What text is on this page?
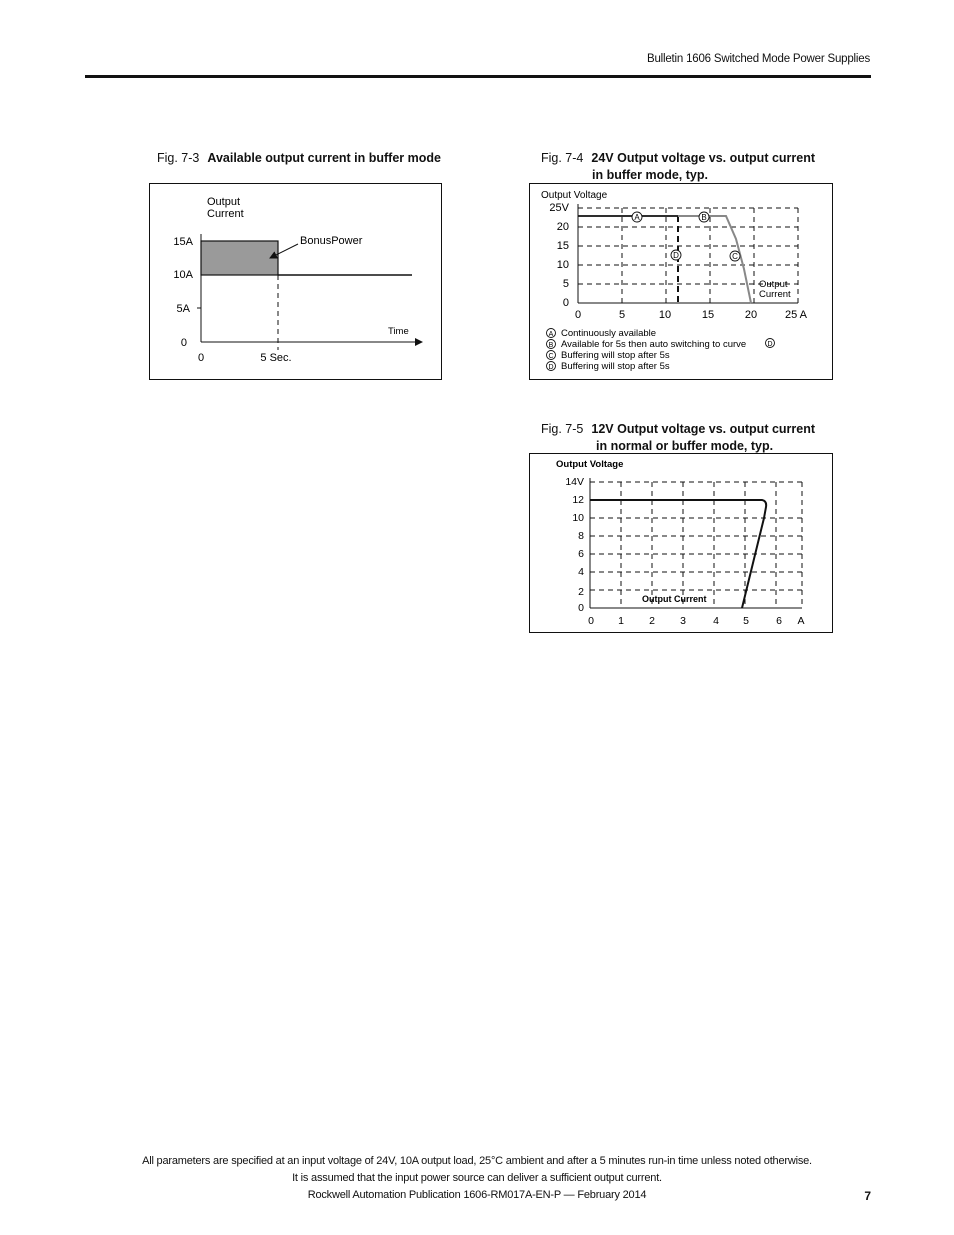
Bulletin 1606 Switched Mode Power Supplies
Fig. 7-3 Available output current in buffer mode
Output
Current
BonusPower
15A
10A
5A
0
0	5 Sec.
Time
Fig. 7-4 24V Output voltage vs. output current
in buffer mode, typ.
A	B
C
D
Output Voltage
25V
20
15
10
5
0
0	5	10	15	20	25 A
Output
Current
A Continuously available
B Available for 5s then auto switching to curve	D
C Buffering will stop after 5s
D Buffering will stop after 5s
Fig. 7-5 12V Output voltage vs. output current
in normal or buffer mode, typ.
Output Voltage
14V
12
10
8
6
4
2
0
0 1 2 3	4 5	6 A
Output Current
All parameters are specified at an input voltage of 24V, 10A output load, 25°C ambient and after a 5 minutes run-in time unless noted otherwise.
It is assumed that the input power source can deliver a sufficient output current.
Rockwell Automation Publication 1606-RM017A-EN-P — February 2014	7
